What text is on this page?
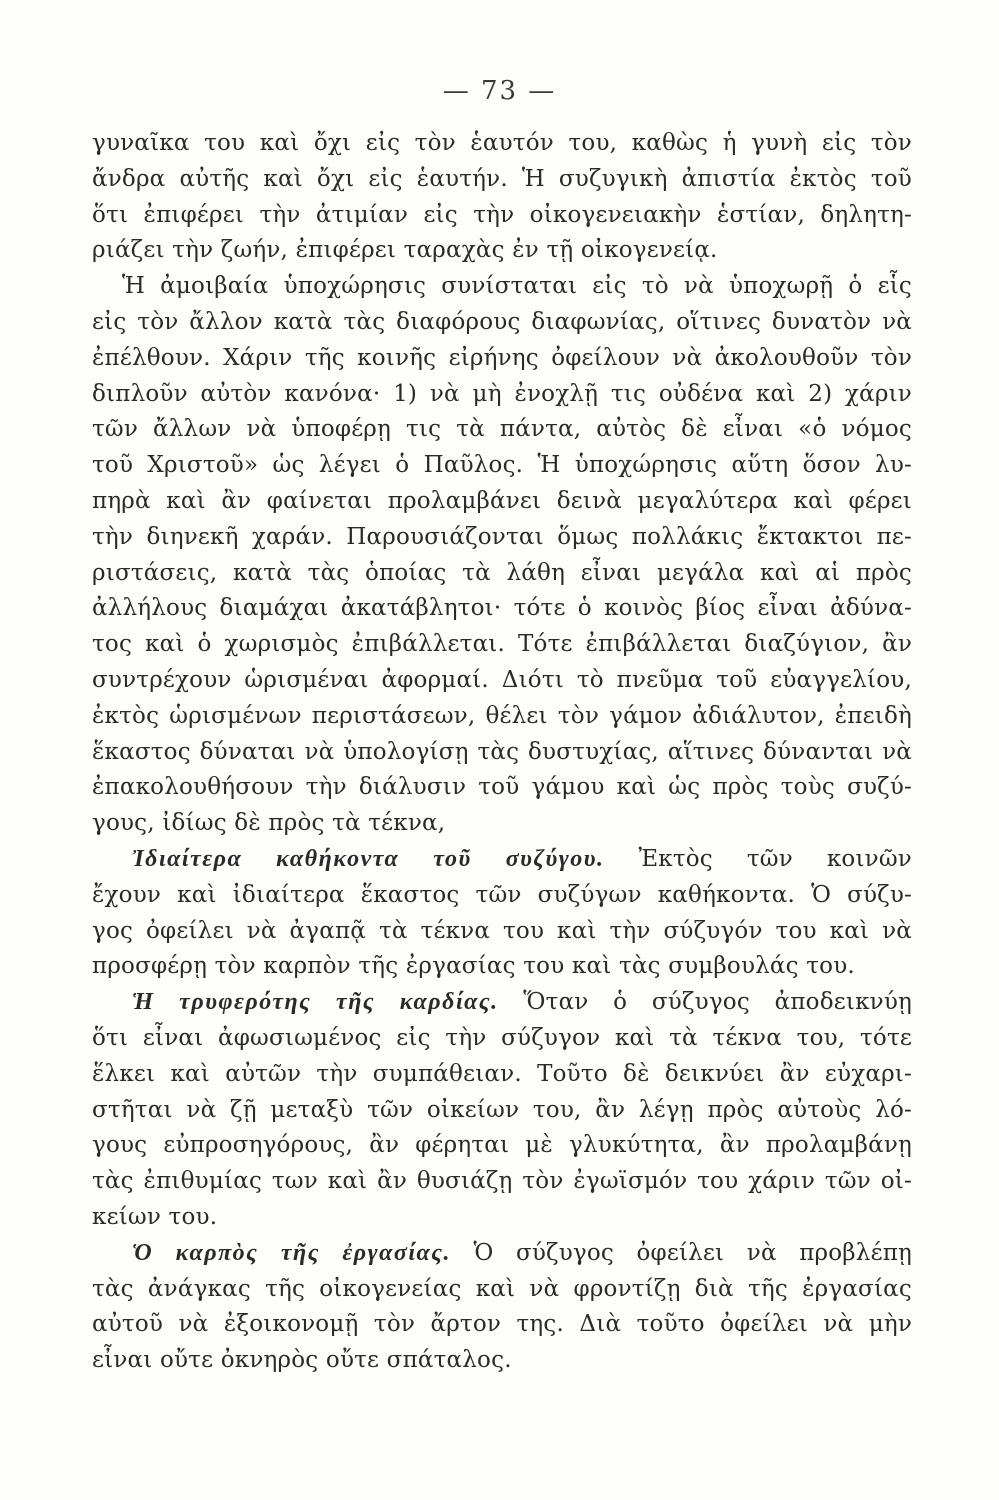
— 73 —
γυναῖκα του καὶ ὄχι εἰς τὸν ἑαυτόν του, καθὼς ἡ γυνὴ εἰς τὸν
ἄνδρα αὐτῆς καὶ ὄχι εἰς ἑαυτήν. Ἡ συζυγικὴ ἀπιστία ἐκτὸς τοῦ
ὅτι ἐπιφέρει τὴν ἀτιμίαν εἰς τὴν οἰκογενειακὴν ἑστίαν, δηλητη-
ριάζει τὴν ζωήν, ἐπιφέρει ταραχὰς ἐν τῇ οἰκογενείᾳ.
Ἡ ἀμοιβαία ὑποχώρησις συνίσταται εἰς τὸ νὰ ὑποχωρῇ ὁ εἷς
εἰς τὸν ἄλλον κατὰ τὰς διαφόρους διαφωνίας, οἵτινες δυνατὸν νὰ
ἐπέλθουν. Χάριν τῆς κοινῆς εἰρήνης ὀφείλουν νὰ ἀκολουθοῦν τὸν
διπλοῦν αὐτὸν κανόνα· 1) νὰ μὴ ἐνοχλῇ τις οὐδένα καὶ 2) χάριν
τῶν ἄλλων νὰ ὑποφέρῃ τις τὰ πάντα, αὐτὸς δὲ εἶναι «ὁ νόμος
τοῦ Χριστοῦ» ὡς λέγει ὁ Παῦλος. Ἡ ὑποχώρησις αὕτη ὅσον λυ-
πηρὰ καὶ ἂν φαίνεται προλαμβάνει δεινὰ μεγαλύτερα καὶ φέρει
τὴν διηνεκῆ χαράν. Παρουσιάζονται ὅμως πολλάκις ἔκτακτοι πε-
ριστάσεις, κατὰ τὰς ὁποίας τὰ λάθη εἶναι μεγάλα καὶ αἱ πρὸς
ἀλλήλους διαμάχαι ἀκατάβλητοι· τότε ὁ κοινὸς βίος εἶναι ἀδύνα-
τος καὶ ὁ χωρισμὸς ἐπιβάλλεται. Τότε ἐπιβάλλεται διαζύγιον, ἂν
συντρέχουν ὡρισμέναι ἀφορμαί. Διότι τὸ πνεῦμα τοῦ εὐαγγελίου,
ἐκτὸς ὡρισμένων περιστάσεων, θέλει τὸν γάμον ἀδιάλυτον, ἐπειδὴ
ἕκαστος δύναται νὰ ὑπολογίσῃ τὰς δυστυχίας, αἵτινες δύνανται νὰ
ἐπακολουθήσουν τὴν διάλυσιν τοῦ γάμου καὶ ὡς πρὸς τοὺς συζύ-
γους, ἰδίως δὲ πρὸς τὰ τέκνα,
Ἰδιαίτερα καθήκοντα τοῦ συζύγου. Ἐκτὸς τῶν κοινῶν
ἔχουν καὶ ἰδιαίτερα ἕκαστος τῶν συζύγων καθήκοντα. Ὁ σύζυ-
γος ὀφείλει νὰ ἀγαπᾷ τὰ τέκνα του καὶ τὴν σύζυγόν του καὶ νὰ
προσφέρῃ τὸν καρπὸν τῆς ἐργασίας του καὶ τὰς συμβουλάς του.
Ἡ τρυφερότης τῆς καρδίας. Ὅταν ὁ σύζυγος ἀποδεικνύῃ
ὅτι εἶναι ἀφωσιωμένος εἰς τὴν σύζυγον καὶ τὰ τέκνα του, τότε
ἕλκει καὶ αὐτῶν τὴν συμπάθειαν. Τοῦτο δὲ δεικνύει ἂν εὐχαρι-
στῆται νὰ ζῇ μεταξὺ τῶν οἰκείων του, ἂν λέγῃ πρὸς αὐτοὺς λό-
γους εὐπροσηγόρους, ἂν φέρηται μὲ γλυκύτητα, ἂν προλαμβάνῃ
τὰς ἐπιθυμίας των καὶ ἂν θυσιάζῃ τὸν ἐγωϊσμόν του χάριν τῶν οἰ-
κείων του.
Ὁ καρπὸς τῆς ἐργασίας. Ὁ σύζυγος ὀφείλει νὰ προβλέπῃ
τὰς ἀνάγκας τῆς οἰκογενείας καὶ νὰ φροντίζῃ διὰ τῆς ἐργασίας
αὐτοῦ νὰ ἐξοικονομῇ τὸν ἄρτον της. Διὰ τοῦτο ὀφείλει νὰ μὴν
εἶναι οὔτε ὀκνηρὸς οὔτε σπάταλος.
